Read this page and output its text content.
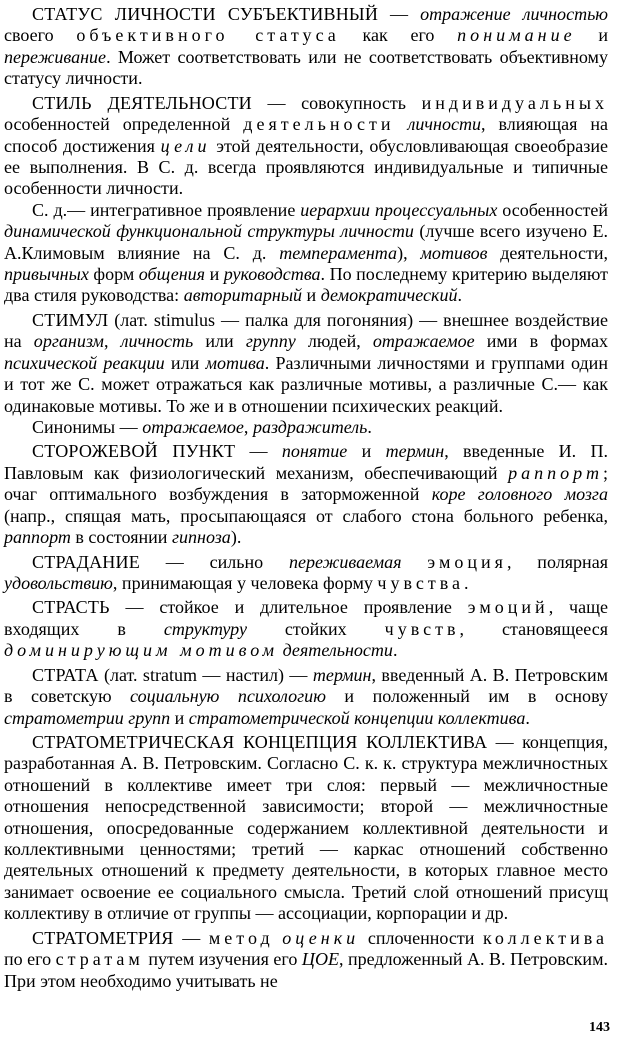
СТАТУС ЛИЧНОСТИ СУБЪЕКТИВНЫЙ — отражение личностью своего объективного статуса как его понимание и переживание. Может соответствовать или не соответствовать объективному статусу личности.

СТИЛЬ ДЕЯТЕЛЬНОСТИ — совокупность индивидуальных особенностей определенной деятельности личности, влияющая на способ достижения цели этой деятельности, обусловливающая своеобразие ее выполнения. В С. д. всегда проявляются индивидуальные и типичные особенности личности.

С. д.— интегративное проявление иерархии процессуальных особенностей динамической функциональной структуры личности (лучше всего изучено Е. А.Климовым влияние на С. д. темперамента), мотивов деятельности, привычных форм общения и руководства. По последнему критерию выделяют два стиля руководства: авторитарный и демократический.

СТИМУЛ (лат. stimulus — палка для погоняния) — внешнее воздействие на организм, личность или группу людей, отражаемое ими в формах психической реакции или мотива. Различными личностями и группами один и тот же С. может отражаться как различные мотивы, а различные С.— как одинаковые мотивы. То же и в отношении психических реакций.

Синонимы — отражаемое, раздражитель.

СТОРОЖЕВОЙ ПУНКТ — понятие и термин, введенные И. П. Павловым как физиологический механизм, обеспечивающий раппорт; очаг оптимального возбуждения в заторможенной коре головного мозга (напр., спящая мать, просыпающаяся от слабого стона больного ребенка, раппорт в состоянии гипноза).

СТРАДАНИЕ — сильно переживаемая эмоция, полярная удовольствию, принимающая у человека форму чувства.

СТРАСТЬ — стойкое и длительное проявление эмоций, чаще входящих в структуру стойких чувств, становящееся доминирующим мотивом деятельности.

СТРАТА (лат. stratum — настил) — термин, введенный А. В. Петровским в советскую социальную психологию и положенный им в основу стратометрии групп и стратометрической концепции коллектива.

СТРАТОМЕТРИЧЕСКАЯ КОНЦЕПЦИЯ КОЛЛЕКТИВА — концепция, разработанная А. В. Петровским. Согласно С. к. к. структура межличностных отношений в коллективе имеет три слоя: первый — межличностные отношения непосредственной зависимости; второй — межличностные отношения, опосредованные содержанием коллективной деятельности и коллективными ценностями; третий — каркас отношений собственно деятельных отношений к предмету деятельности, в которых главное место занимает освоение ее социального смысла. Третий слой отношений присущ коллективу в отличие от группы — ассоциации, корпорации и др.

СТРАТОМЕТРИЯ — метод оценки сплоченности коллектива по его стратам путем изучения его ЦОЕ, предложенный А. В. Петровским. При этом необходимо учитывать не

143
